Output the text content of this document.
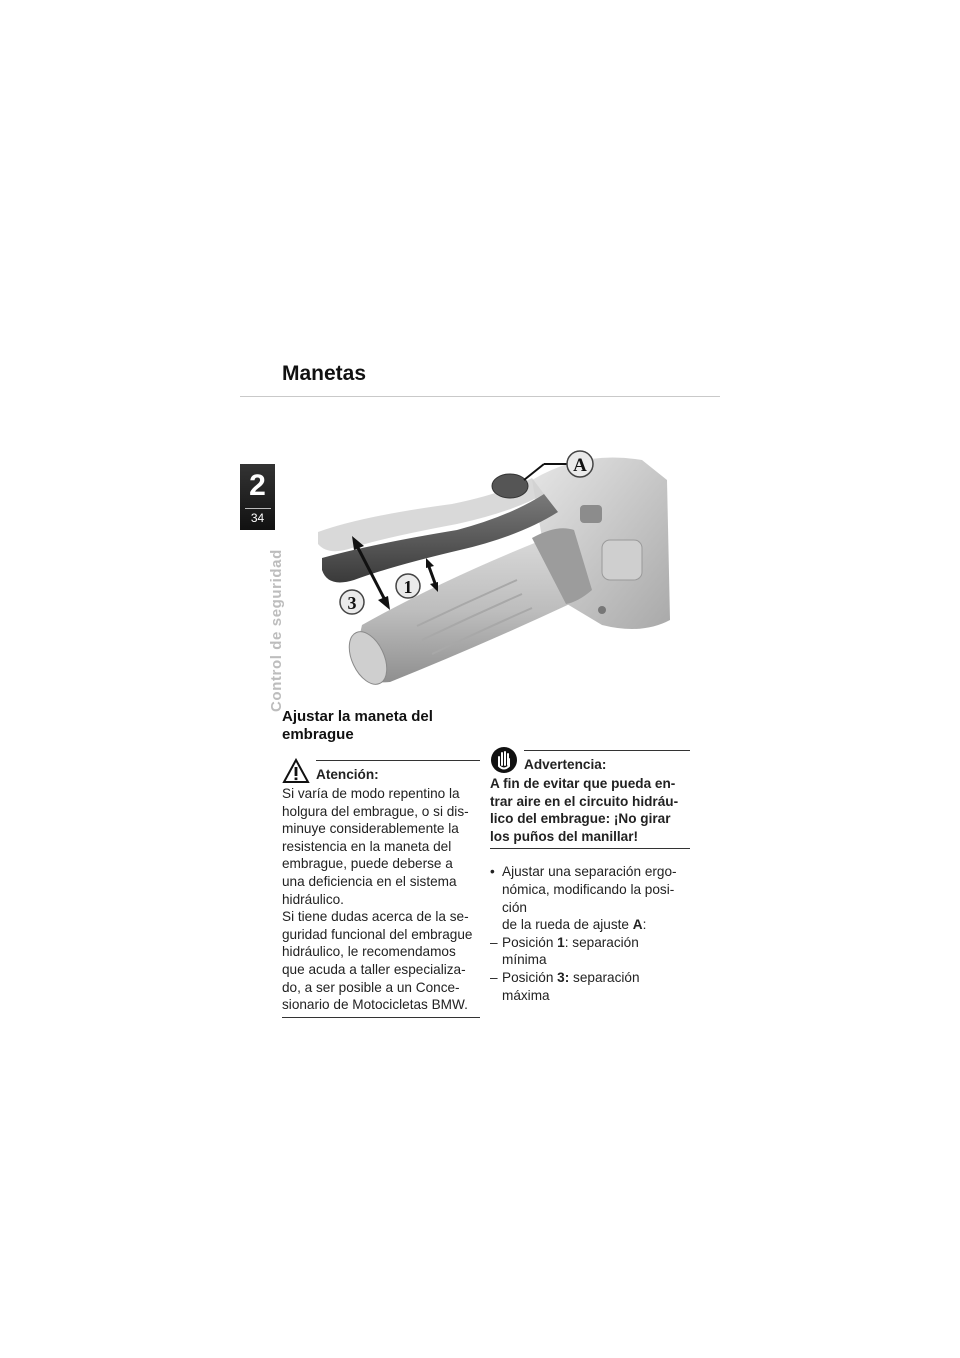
Manetas
2
34
Control de seguridad
A
3
1
Ajustar la maneta del embrague
Atención:
Si varía de modo repentino la
holgura del embrague, o si dis-
minuye considerablemente la
resistencia en la maneta del
embrague, puede deberse a
una deficiencia en el sistema
hidráulico.
Si tiene dudas acerca de la se-
guridad funcional del embrague
hidráulico, le recomendamos
que acuda a taller especializa-
do, a ser posible a un Conce-
sionario de Motocicletas BMW.
Advertencia:
A fin de evitar que pueda en-
trar aire en el circuito hidráu-
lico del embrague: ¡No girar
los puños del manillar!
• Ajustar una separación ergo-
nómica, modificando la posi-
ción
de la rueda de ajuste A:
– Posición 1: separación
mínima
– Posición 3: separación
máxima
